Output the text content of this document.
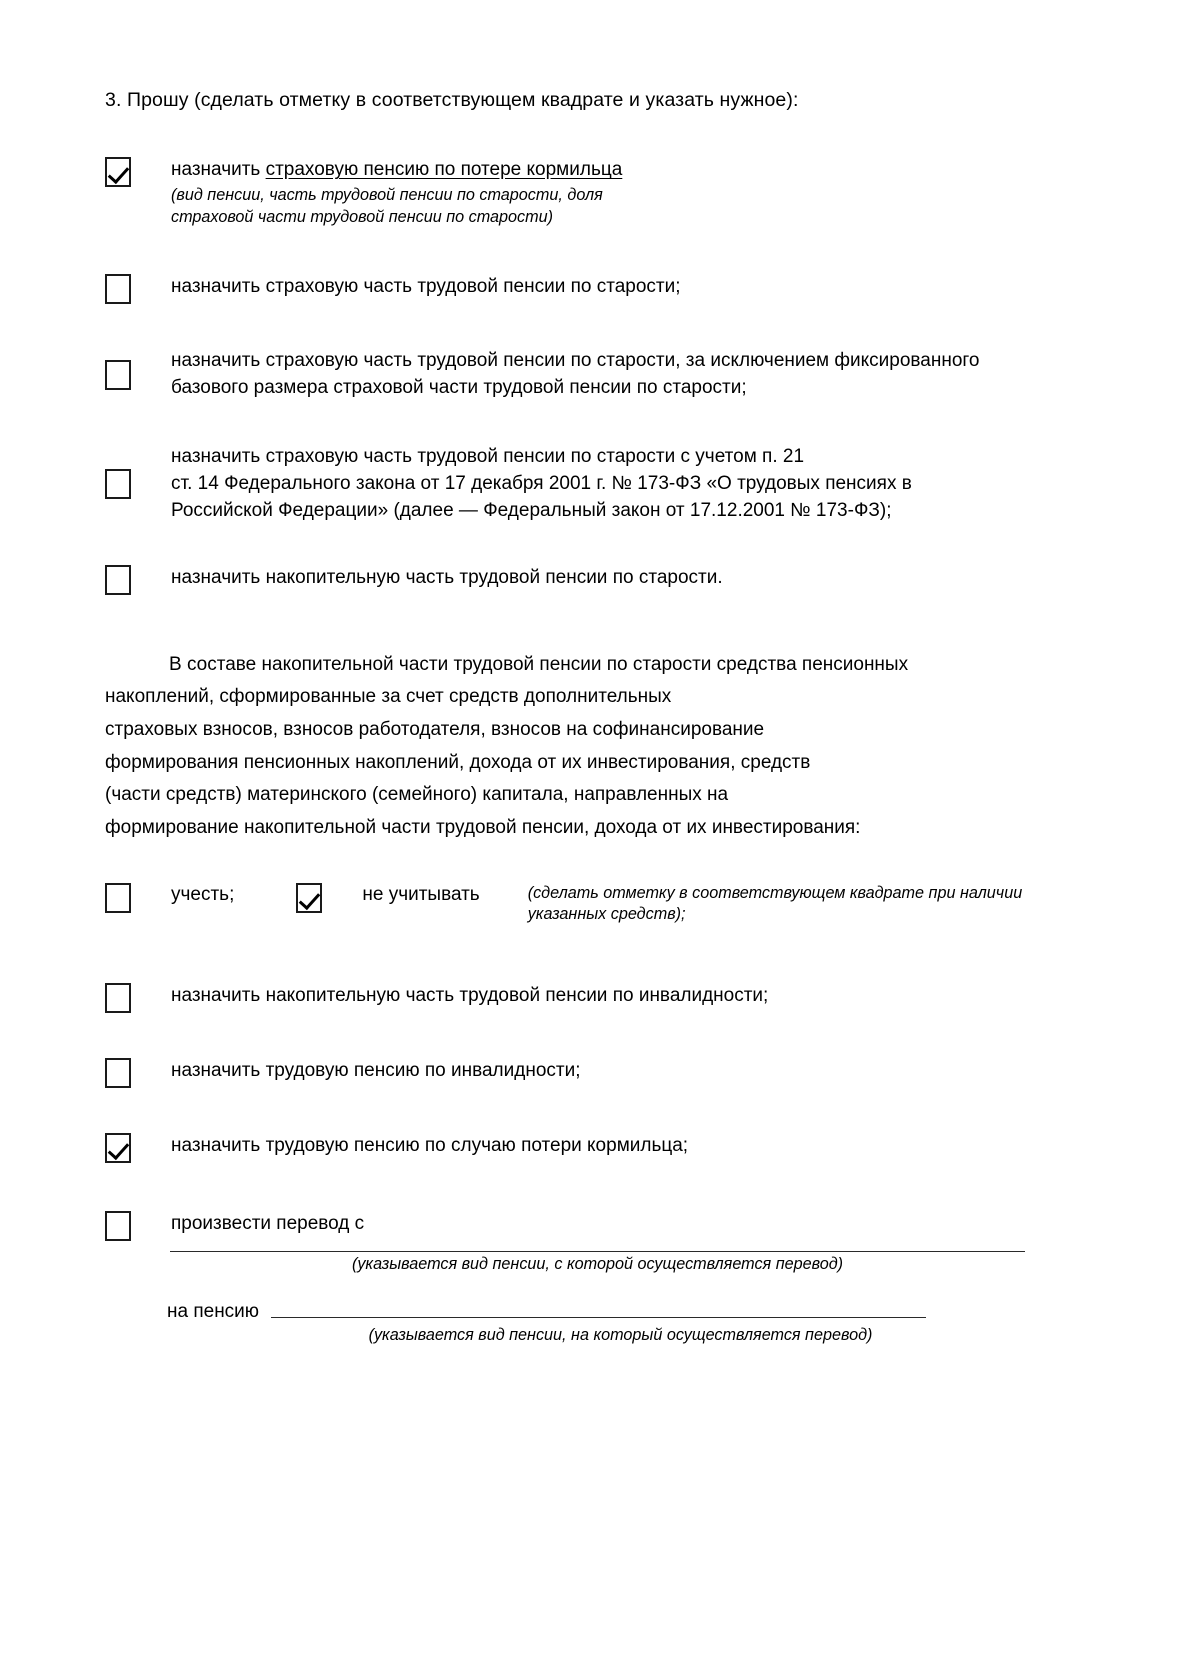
3. Прошу (сделать отметку в соответствующем квадрате и указать нужное):
назначить страховую пенсию по потере кормильца
(вид пенсии, часть трудовой пенсии по старости, доля
страховой части трудовой пенсии по старости)
назначить страховую часть трудовой пенсии по старости;
назначить страховую часть трудовой пенсии по старости, за исключением фиксированного
базового размера страховой части трудовой пенсии по старости;
назначить страховую часть трудовой пенсии по старости с учетом п. 21
ст. 14 Федерального закона от 17 декабря 2001 г. № 173-ФЗ «О трудовых пенсиях в
Российской Федерации» (далее — Федеральный закон от 17.12.2001 № 173-ФЗ);
назначить накопительную часть трудовой пенсии по старости.
В составе накопительной части трудовой пенсии по старости средства пенсионных
накоплений, сформированные за счет средств дополнительных
страховых взносов, взносов работодателя, взносов на софинансирование
формирования пенсионных накоплений, дохода от их инвестирования, средств
(части средств) материнского (семейного) капитала, направленных на
формирование накопительной части трудовой пенсии, дохода от их инвестирования:
учесть;	не учитывать	(сделать отметку в соответствующем квадрате при наличии
указанных средств);
назначить накопительную часть трудовой пенсии по инвалидности;
назначить трудовую пенсию по инвалидности;
назначить трудовую пенсию по случаю потери кормильца;
произвести перевод с
(указывается вид пенсии, с которой осуществляется перевод)
на пенсию
(указывается вид пенсии, на который осуществляется перевод)
